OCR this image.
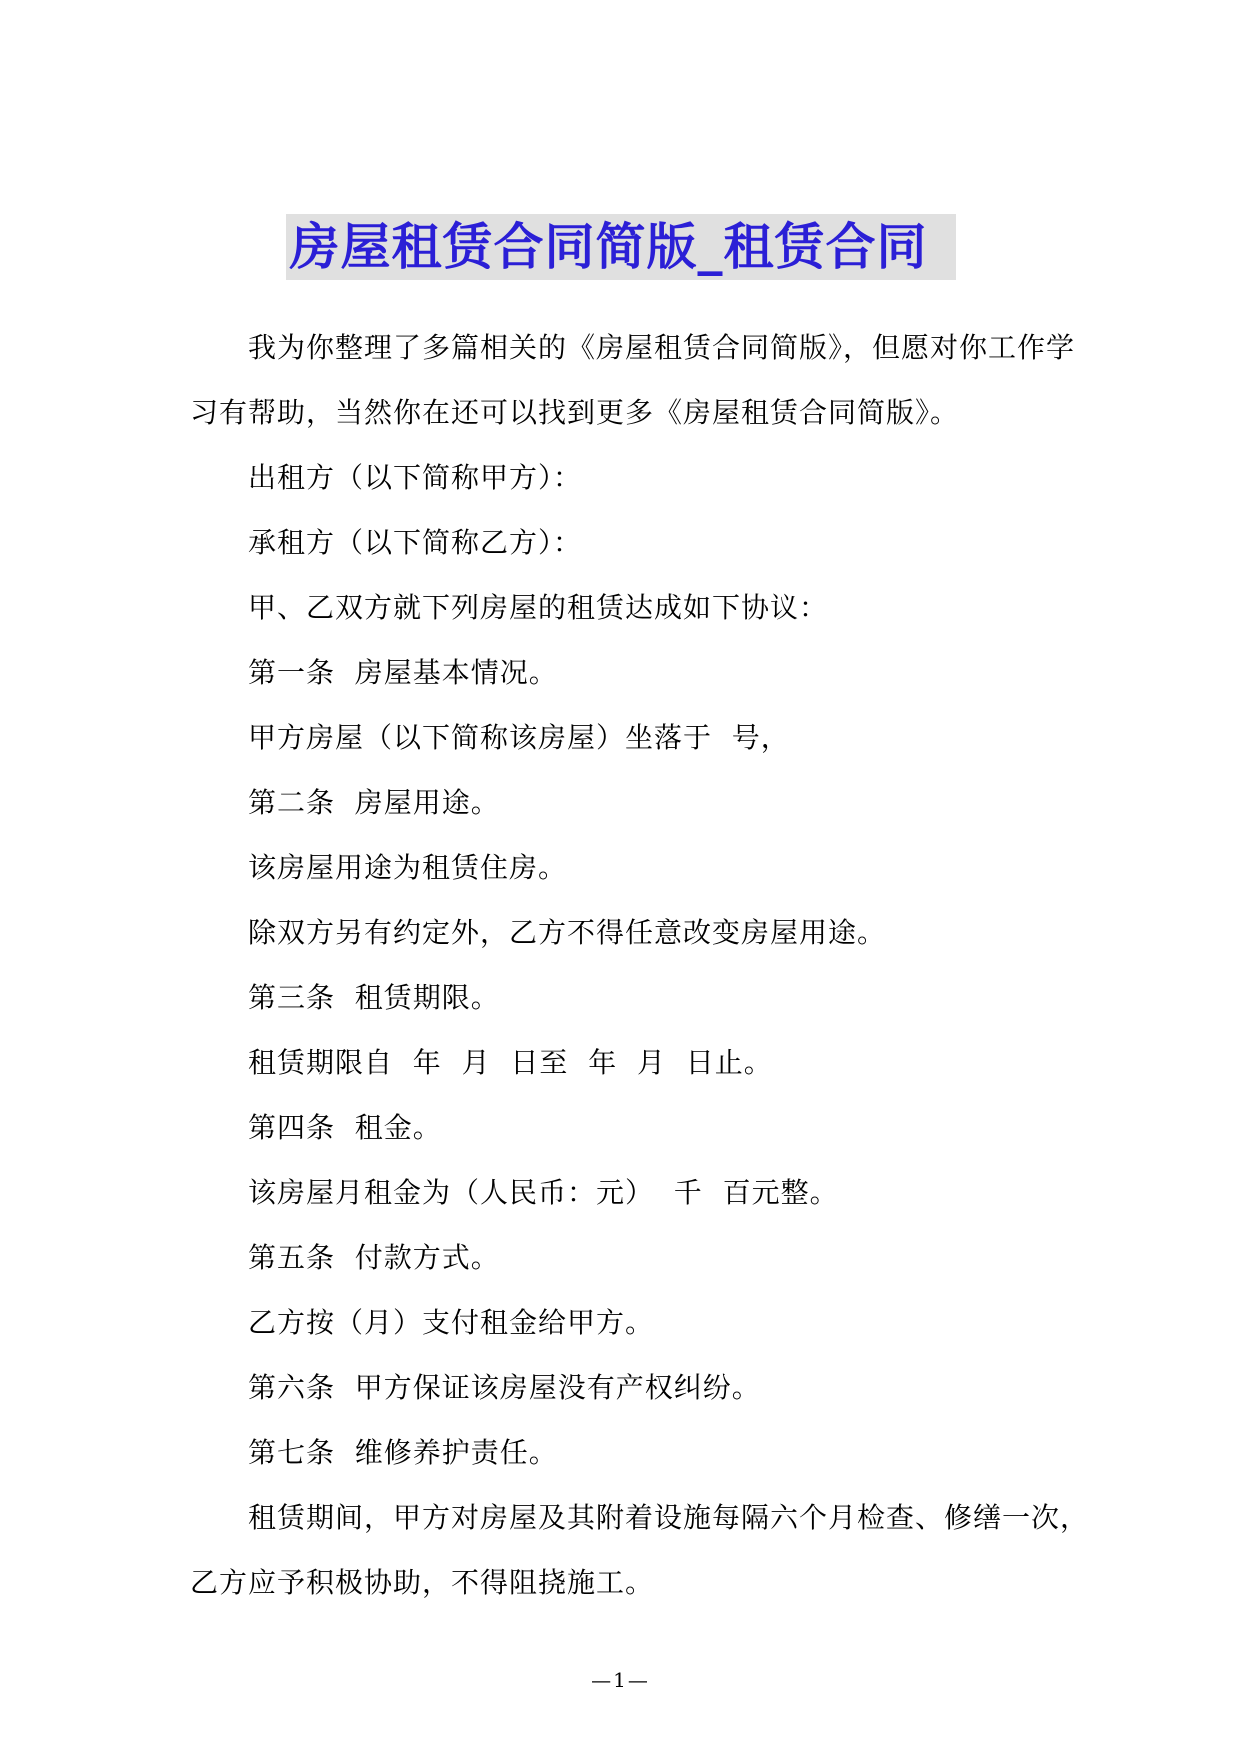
房屋租赁合同简版_租赁合同

我为你整理了多篇相关的《房屋租赁合同简版》，但愿对你工作学习有帮助，当然你在还可以找到更多《房屋租赁合同简版》。

出租方（以下简称甲方）：

承租方（以下简称乙方）：

甲、乙双方就下列房屋的租赁达成如下协议：

第一条  房屋基本情况。

甲方房屋（以下简称该房屋）坐落于  号，

第二条  房屋用途。

该房屋用途为租赁住房。

除双方另有约定外，乙方不得任意改变房屋用途。

第三条  租赁期限。

租赁期限自  年  月  日至  年  月  日止。

第四条  租金。

该房屋月租金为（人民币：元）  千  百元整。

第五条  付款方式。

乙方按（月）支付租金给甲方。

第六条  甲方保证该房屋没有产权纠纷。

第七条  维修养护责任。

租赁期间，甲方对房屋及其附着设施每隔六个月检查、修缮一次，乙方应予积极协助，不得阻挠施工。

—1—
